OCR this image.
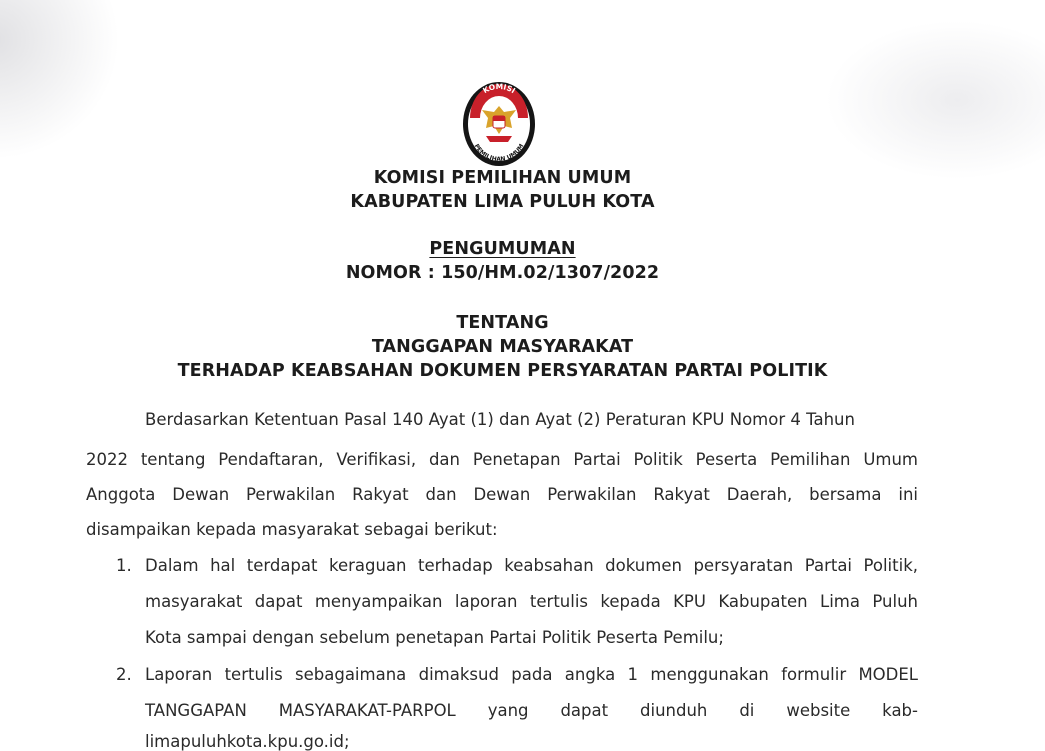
KOMISI
PEMILIHAN UMUM
KOMISI PEMILIHAN UMUM
KABUPATEN LIMA PULUH KOTA
PENGUMUMAN
NOMOR : 150/HM.02/1307/2022
TENTANG
TANGGAPAN MASYARAKAT
TERHADAP KEABSAHAN DOKUMEN PERSYARATAN PARTAI POLITIK
Berdasarkan Ketentuan Pasal 140 Ayat (1) dan Ayat (2) Peraturan KPU Nomor 4 Tahun
2022 tentang Pendaftaran, Verifikasi, dan Penetapan Partai Politik Peserta Pemilihan Umum
Anggota Dewan Perwakilan Rakyat dan Dewan Perwakilan Rakyat Daerah, bersama ini
disampaikan kepada masyarakat sebagai berikut:
1. Dalam hal terdapat keraguan terhadap keabsahan dokumen persyaratan Partai Politik,
masyarakat dapat menyampaikan laporan tertulis kepada KPU Kabupaten Lima Puluh
Kota sampai dengan sebelum penetapan Partai Politik Peserta Pemilu;
2. Laporan tertulis sebagaimana dimaksud pada angka 1 menggunakan formulir MODEL
TANGGAPAN MASYARAKAT-PARPOL yang dapat diunduh di website kab-
limapuluhkota.kpu.go.id;
